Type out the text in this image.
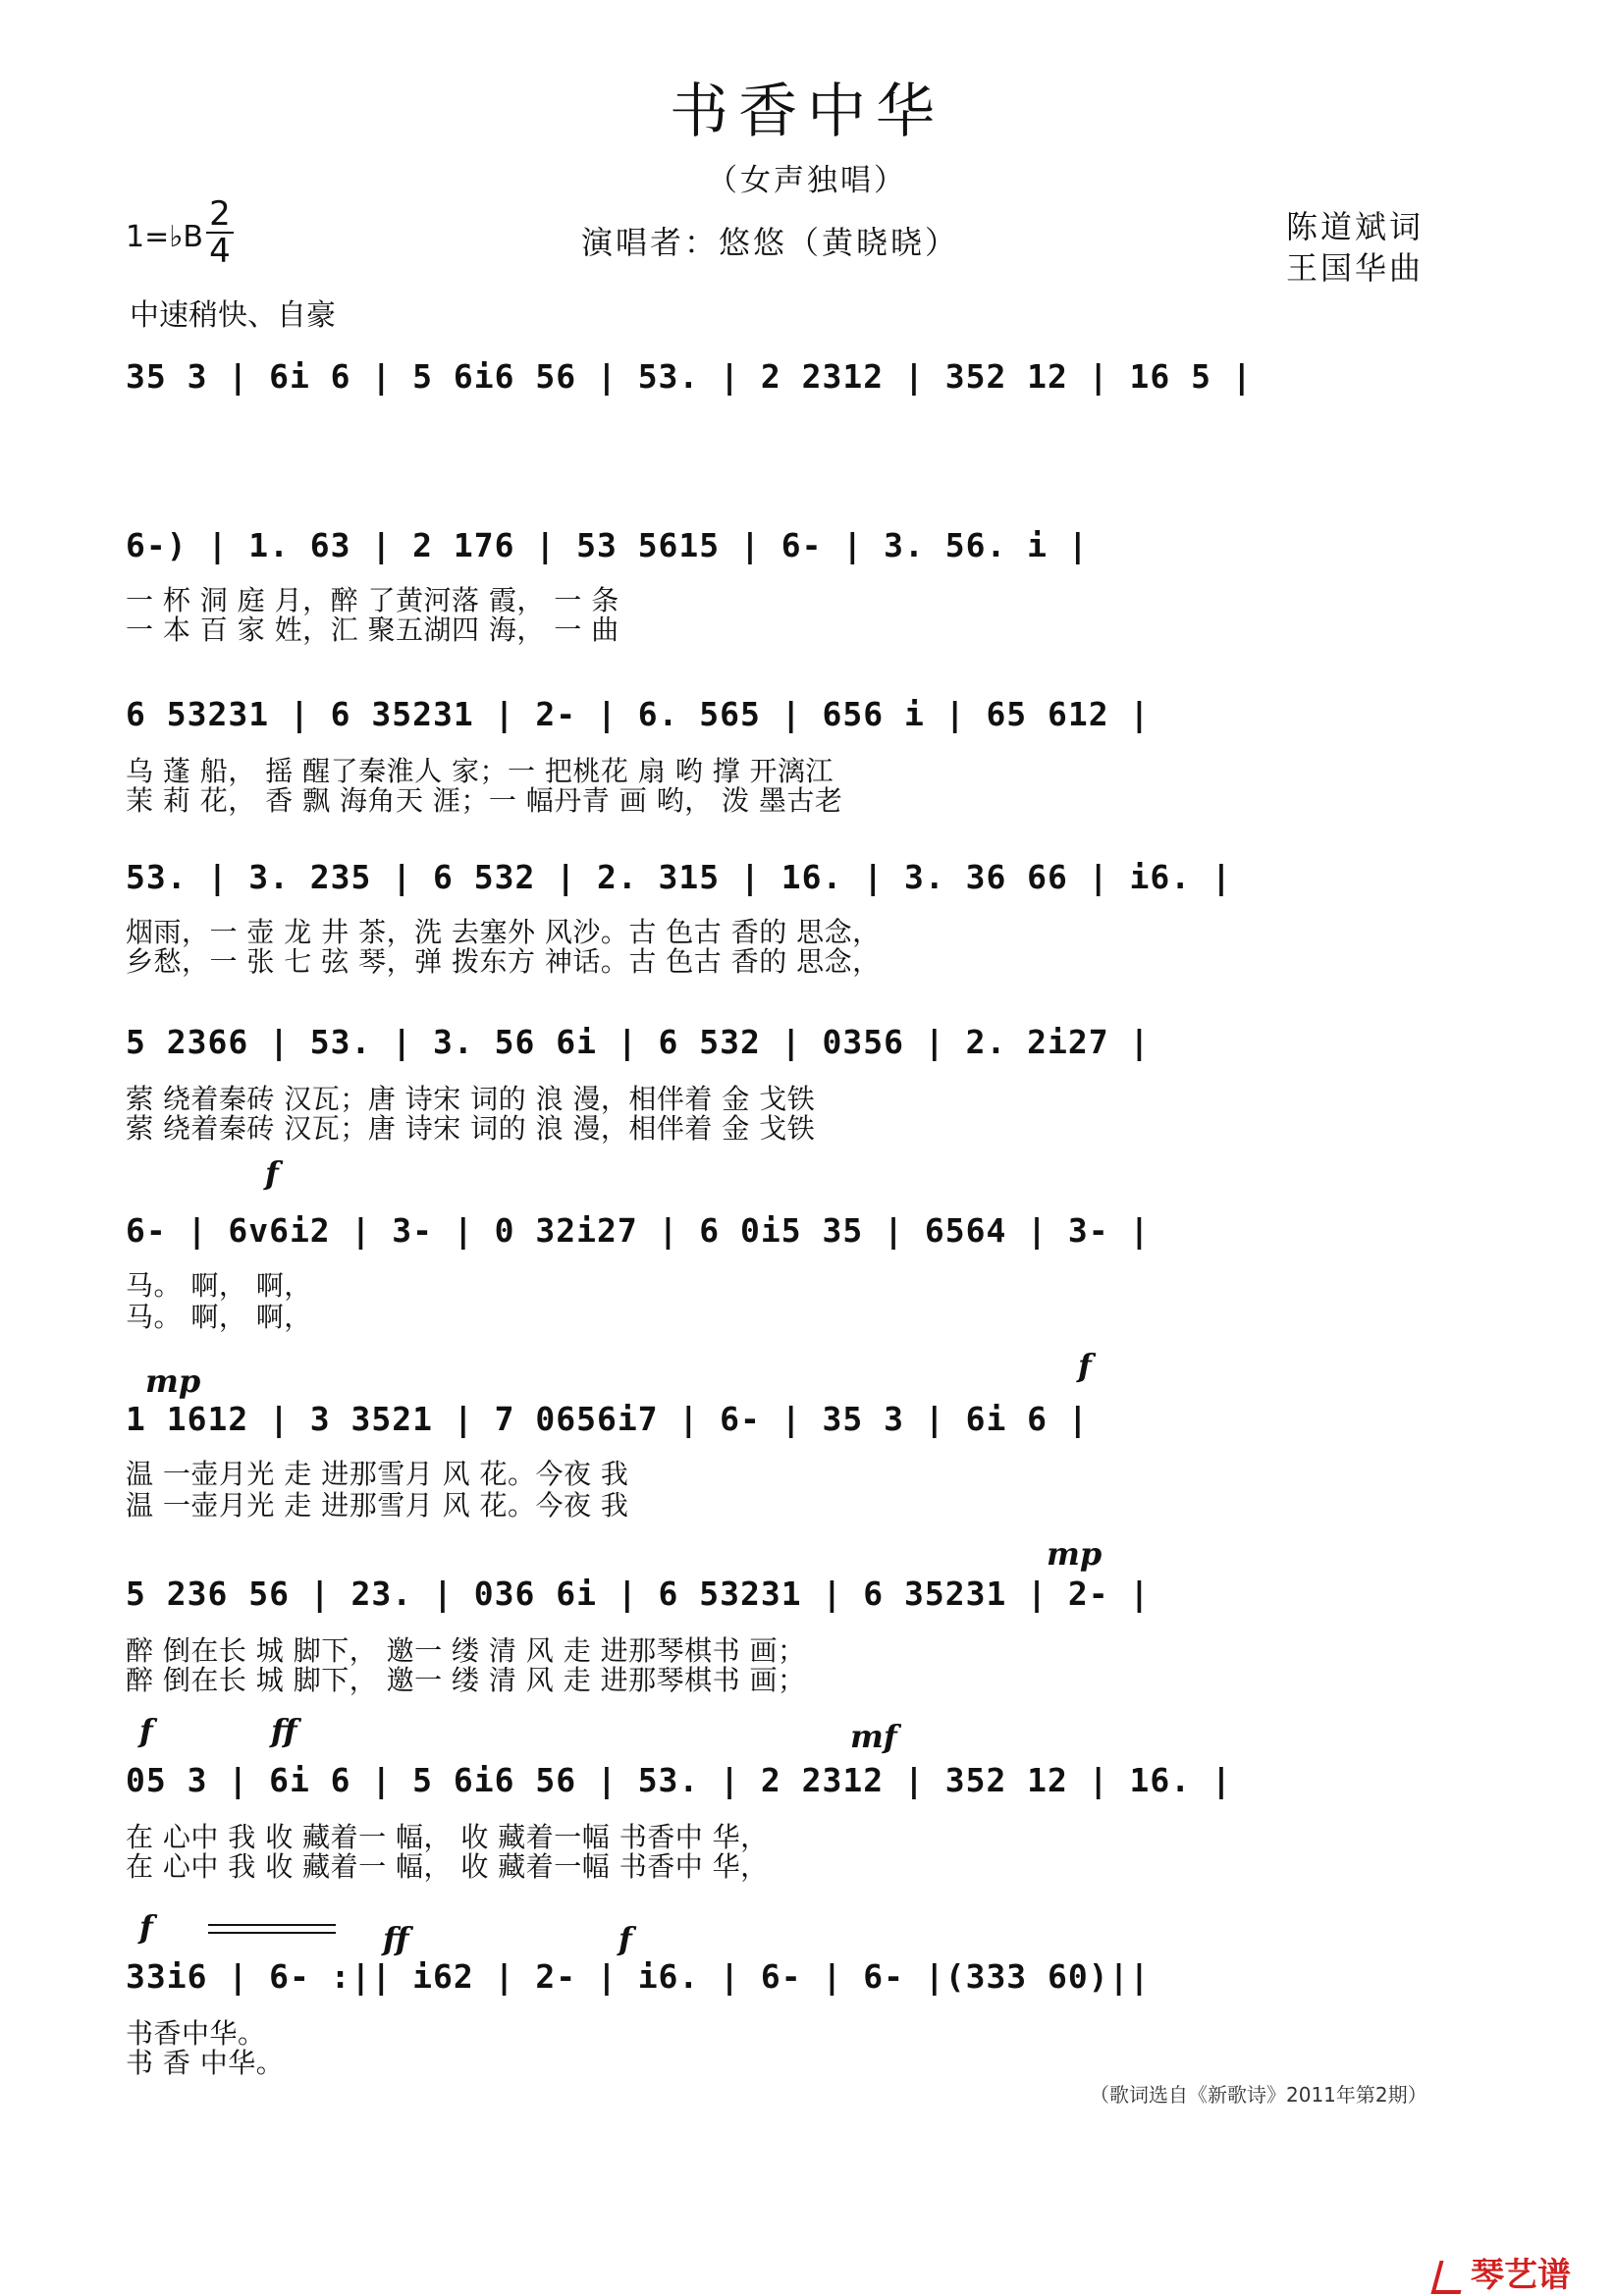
书香中华
（女声独唱）
1=♭B
2
4	演唱者：悠悠（黄晓晓）	陈道斌词
王国华曲
中速稍快、自豪
35 3 | 6i 6 | 5 6i6 56 | 53. | 2 2312 | 352 12 | 16 5 |
6-) | 1. 63 | 2 176 | 53 5615 | 6- | 3. 56. i |
一 杯 洞 庭 月，醉 了黄河落 霞， 一 条
一 本 百 家 姓，汇 聚五湖四 海， 一 曲
6 53231 | 6 35231 | 2- | 6. 565 | 656 i | 65 612 |
乌 蓬 船， 摇 醒了秦淮人 家；一 把桃花 扇 哟 撑 开漓江
茉 莉 花， 香 飘 海角天 涯；一 幅丹青 画 哟， 泼 墨古老
53. | 3. 235 | 6 532 | 2. 315 | 16. | 3. 36 66 | i6. |
烟雨，一 壶 龙 井 茶，洗 去塞外 风沙。古 色古 香的 思念，
乡愁，一 张 七 弦 琴，弹 拨东方 神话。古 色古 香的 思念，
5 2366 | 53. | 3. 56 6i | 6 532 | 0356 | 2. 2i27 |
萦 绕着秦砖 汉瓦；唐 诗宋 词的 浪 漫，相伴着 金 戈铁
萦 绕着秦砖 汉瓦；唐 诗宋 词的 浪 漫，相伴着 金 戈铁
f
6- | 6v6i2 | 3- | 0 32i27 | 6 0i5 35 | 6564 | 3- |
马。 啊， 啊，
马。 啊， 啊，
mp	f
1 1612 | 3 3521 | 7 0656i7 | 6- | 35 3 | 6i 6 |
温 一壶月光 走 进那雪月 风 花。今夜 我
温 一壶月光 走 进那雪月 风 花。今夜 我
mp
5 236 56 | 23. | 036 6i | 6 53231 | 6 35231 | 2- |
醉 倒在长 城 脚下， 邀一 缕 清 风 走 进那琴棋书 画；
醉 倒在长 城 脚下， 邀一 缕 清 风 走 进那琴棋书 画；
f	ff	mf
05 3 | 6i 6 | 5 6i6 56 | 53. | 2 2312 | 352 12 | 16. |
在 心中 我 收 藏着一 幅， 收 藏着一幅 书香中 华，
在 心中 我 收 藏着一 幅， 收 藏着一幅 书香中 华，
f	ff	f
33i6 | 6- :|| i62 | 2- | i6. | 6- | 6- |(333 60)||
书香中华。
书 香 中华。
（歌词选自《新歌诗》2011年第2期）
琴艺谱
